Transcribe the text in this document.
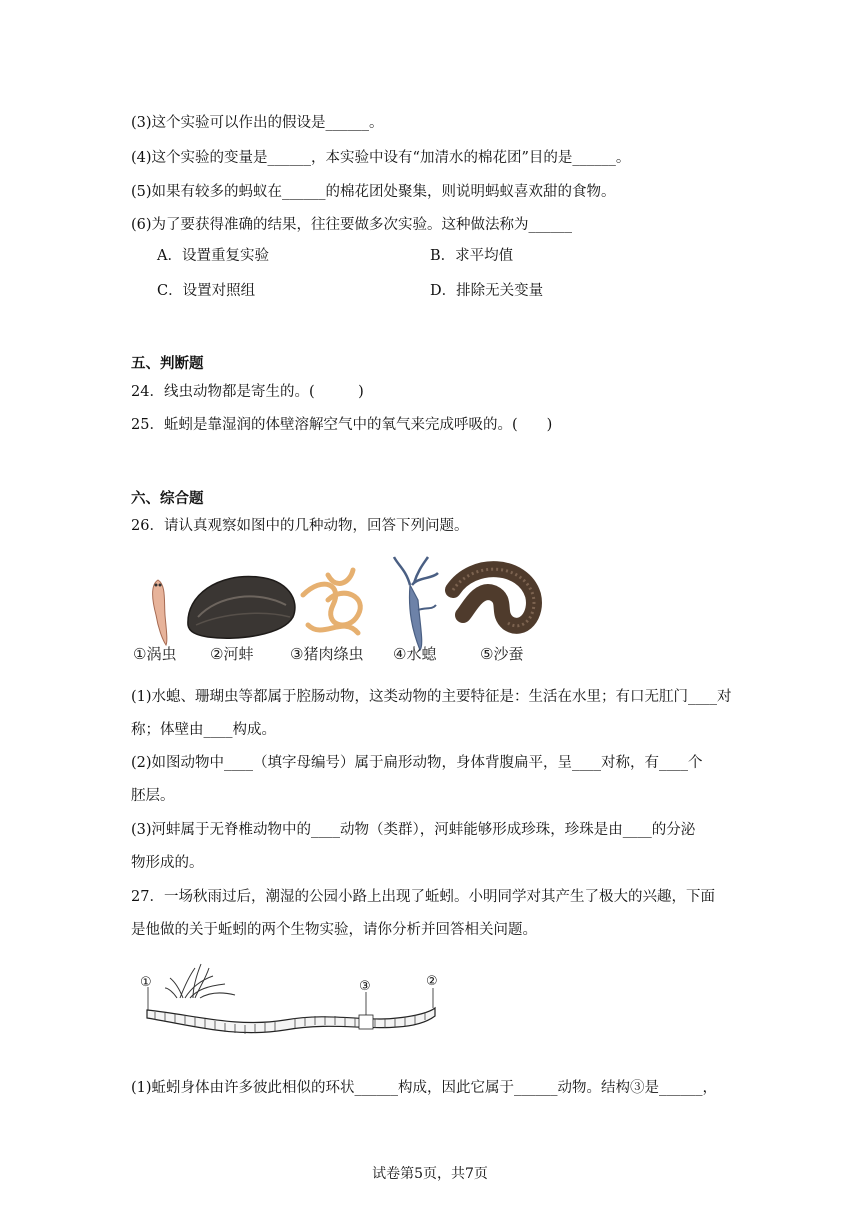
(3)这个实验可以作出的假设是______。

(4)这个实验的变量是______，本实验中设有“加清水的棉花团”目的是______。

(5)如果有较多的蚂蚁在______的棉花团处聚集，则说明蚂蚁喜欢甜的食物。

(6)为了要获得准确的结果，往往要做多次实验。这种做法称为______

A．设置重复实验	B．求平均值
C．设置对照组	D．排除无关变量

五、判断题

24．线虫动物都是寄生的。(　　　)

25．蚯蚓是靠湿润的体壁溶解空气中的氧气来完成呼吸的。(　　)

六、综合题

26．请认真观察如图中的几种动物，回答下列问题。

①涡虫 ②河蚌 ③猪肉绦虫 ④水螅	⑤沙蚕

(1)水螅、珊瑚虫等都属于腔肠动物，这类动物的主要特征是：生活在水里；有口无肛门____对

称；体壁由____构成。

(2)如图动物中____（填字母编号）属于扁形动物，身体背腹扁平，呈____对称，有____个

胚层。

(3)河蚌属于无脊椎动物中的____动物（类群），河蚌能够形成珍珠，珍珠是由____的分泌

物形成的。

27．一场秋雨过后，潮湿的公园小路上出现了蚯蚓。小明同学对其产生了极大的兴趣，下面

是他做的关于蚯蚓的两个生物实验，请你分析并回答相关问题。

①	③	②

(1)蚯蚓身体由许多彼此相似的环状______构成，因此它属于______动物。结构③是______，

试卷第5页，共7页
